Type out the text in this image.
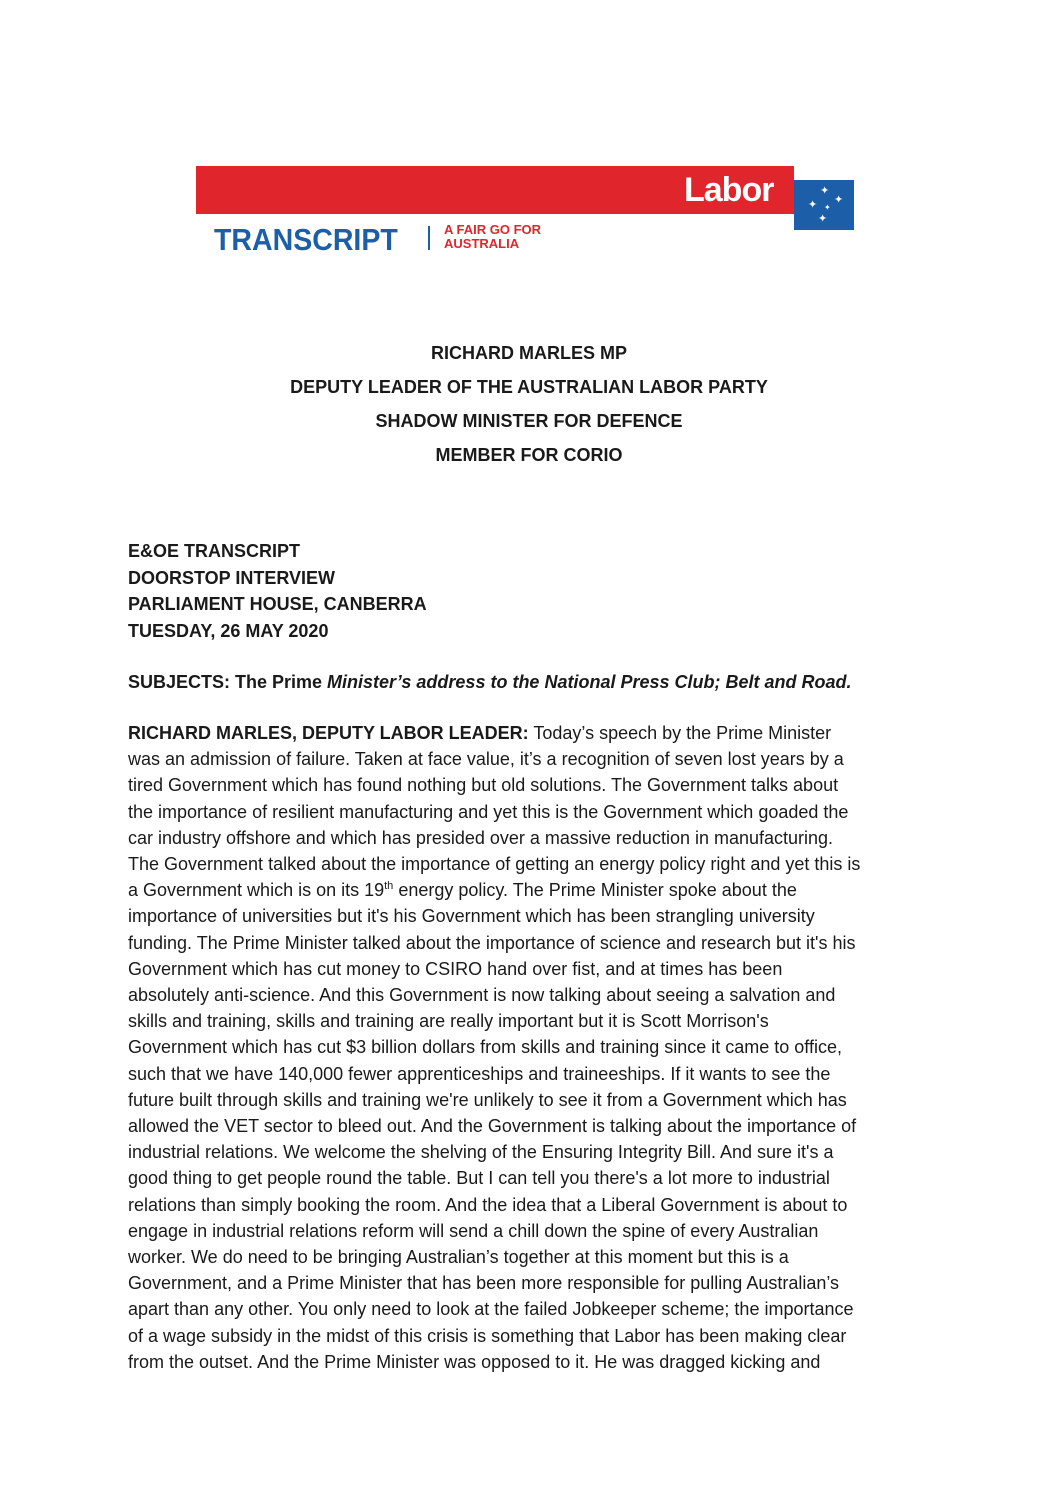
Labor	✦
✦
✦ ✦
✦
TRANSCRIPT	A FAIR GO FOR
AUSTRALIA
RICHARD MARLES MP
DEPUTY LEADER OF THE AUSTRALIAN LABOR PARTY
SHADOW MINISTER FOR DEFENCE
MEMBER FOR CORIO
E&OE TRANSCRIPT
DOORSTOP INTERVIEW
PARLIAMENT HOUSE, CANBERRA
TUESDAY, 26 MAY 2020
SUBJECTS: The Prime Minister’s address to the National Press Club; Belt and Road.
RICHARD MARLES, DEPUTY LABOR LEADER: Today’s speech by the Prime Minister
was an admission of failure. Taken at face value, it’s a recognition of seven lost years by a
tired Government which has found nothing but old solutions. The Government talks about
the importance of resilient manufacturing and yet this is the Government which goaded the
car industry offshore and which has presided over a massive reduction in manufacturing.
The Government talked about the importance of getting an energy policy right and yet this is
a Government which is on its 19th energy policy. The Prime Minister spoke about the
importance of universities but it's his Government which has been strangling university
funding. The Prime Minister talked about the importance of science and research but it's his
Government which has cut money to CSIRO hand over fist, and at times has been
absolutely anti-science. And this Government is now talking about seeing a salvation and
skills and training, skills and training are really important but it is Scott Morrison's
Government which has cut $3 billion dollars from skills and training since it came to office,
such that we have 140,000 fewer apprenticeships and traineeships. If it wants to see the
future built through skills and training we're unlikely to see it from a Government which has
allowed the VET sector to bleed out. And the Government is talking about the importance of
industrial relations. We welcome the shelving of the Ensuring Integrity Bill. And sure it's a
good thing to get people round the table. But I can tell you there's a lot more to industrial
relations than simply booking the room. And the idea that a Liberal Government is about to
engage in industrial relations reform will send a chill down the spine of every Australian
worker. We do need to be bringing Australian’s together at this moment but this is a
Government, and a Prime Minister that has been more responsible for pulling Australian’s
apart than any other. You only need to look at the failed Jobkeeper scheme; the importance
of a wage subsidy in the midst of this crisis is something that Labor has been making clear
from the outset. And the Prime Minister was opposed to it. He was dragged kicking and
